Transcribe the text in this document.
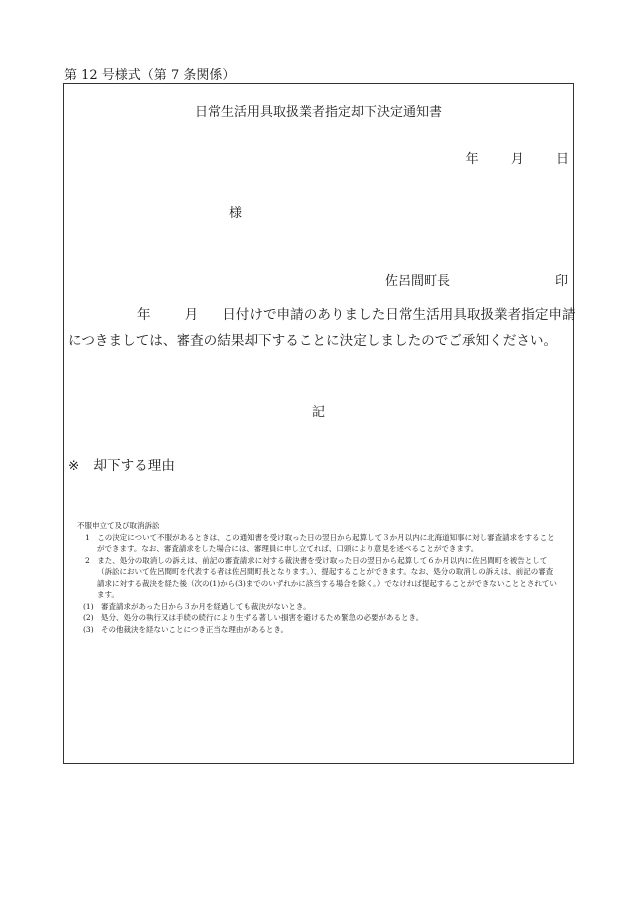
第 12 号様式（第 7 条関係）
日常生活用具取扱業者指定却下決定通知書
年 月 日
様
佐呂間町長	印
年	月 日付けで申請のありました日常生活用具取扱業者指定申請
につきましては、審査の結果却下することに決定しましたのでご承知ください。
記
※ 却下する理由
不服申立て及び取消訴訟
1　この決定について不服があるときは、この通知書を受け取った日の翌日から起算して３か月以内に北海道知事に対し審査請求をすることができます。なお、審査請求をした場合には、審理員に申し立てれば、口頭により意見を述べることができます。
2　また、処分の取消しの訴えは、前記の審査請求に対する裁決書を受け取った日の翌日から起算して６か月以内に佐呂間町を被告として（訴訟において佐呂間町を代表する者は佐呂間町長となります。）、提起することができます。なお、処分の取消しの訴えは、前記の審査請求に対する裁決を経た後（次の(1)から(3)までのいずれかに該当する場合を除く。）でなければ提起することができないこととされています。
(1) 審査請求があった日から３か月を経過しても裁決がないとき。
(2) 処分、処分の執行又は手続の続行により生ずる著しい損害を避けるため緊急の必要があるとき。
(3) その他裁決を経ないことにつき正当な理由があるとき。
